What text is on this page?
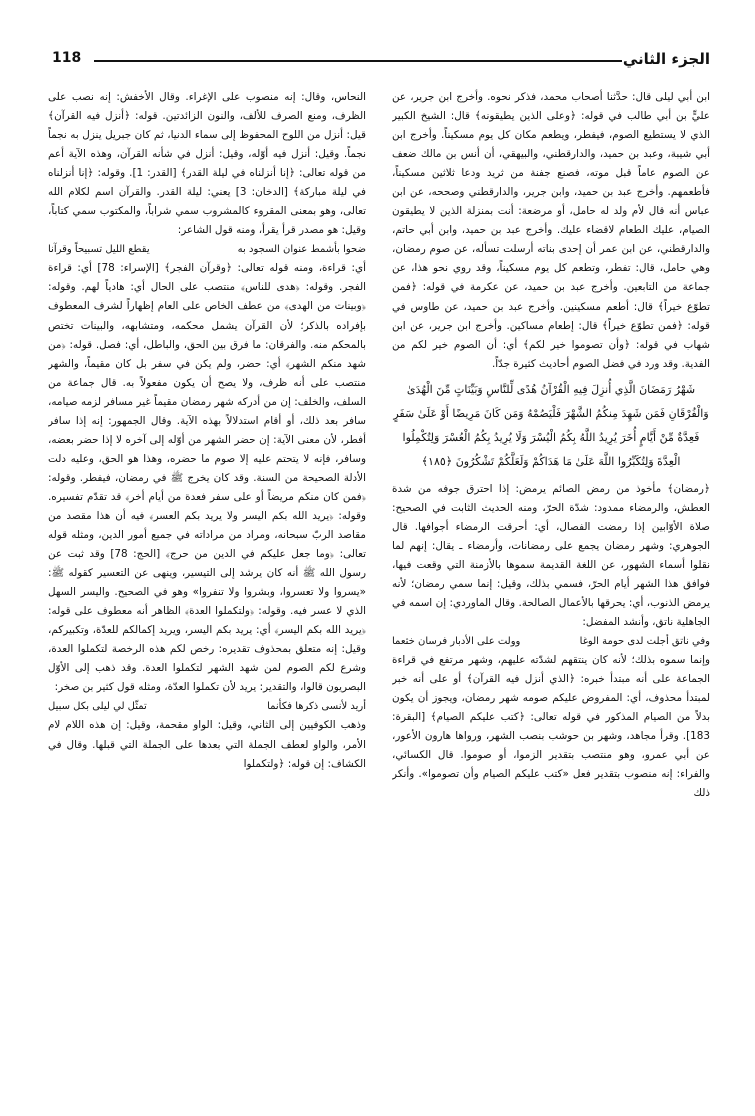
الجزء الثاني
118

ابن أبي ليلى قال: حدَّثنا أصحاب محمد، فذكر نحوه. وأخرج ابن جرير، عن عليٍّ بن أبي طالب في قوله: ﴿وعلى الذين يطيقونه﴾ قال: الشيخ الكبير الذي لا يستطيع الصوم، فيفطر، ويطعم مكان كل يوم مسكيناً. وأخرج ابن أبي شيبة، وعبد بن حميد، والدارقطني، والبيهقي، أن أنس بن مالك ضعف عن الصوم عاماً قبل موته، فصنع جفنة من ثريد ودعا ثلاثين مسكيناً، فأطعمهم. وأخرج عبد بن حميد، وابن جرير، والدارقطني وصححه، عن ابن عباس أنه قال لأم ولد له حامل، أو مرضعة: أنت بمنزلة الذين لا يطيقون الصيام، عليك الطعام لاقضاء عليك. وأخرج عبد بن حميد، وابن أبي حاتم، والدارقطني، عن ابن عمر أن إحدى بناته أرسلت تسأله، عن صوم رمضان، وهي حامل، قال: تفطر، وتطعم كل يوم مسكيناً، وقد روي نحو هذا، عن جماعة من التابعين. وأخرج عبد بن حميد، عن عكرمة في قوله: ﴿فمن تطوّع خيراً﴾ قال: أطعم مسكينين. وأخرج عبد بن حميد، عن طاوس في قوله: ﴿فمن تطوّع خيراً﴾ قال: إطعام مساكين. وأخرج ابن جرير، عن ابن شهاب في قوله: ﴿وأن تصوموا خير لكم﴾ أي: أن الصوم خير لكم من الفدية. وقد ورد في فضل الصوم أحاديث كثيرة جدّاً.

شَهْرُ رَمَضَانَ الَّذِي أُنزِلَ فِيهِ الْقُرْآنُ هُدًى لِّلنَّاسِ وَبَيِّنَاتٍ مِّنَ الْهُدَىٰ وَالْفُرْقَانِ فَمَن شَهِدَ مِنكُمُ الشَّهْرَ فَلْيَصُمْهُ وَمَن كَانَ مَرِيضًا أَوْ عَلَىٰ سَفَرٍ فَعِدَّةٌ مِّنْ أَيَّامٍ أُخَرَ يُرِيدُ اللَّهُ بِكُمُ الْيُسْرَ وَلَا يُرِيدُ بِكُمُ الْعُسْرَ وَلِتُكْمِلُوا الْعِدَّةَ وَلِتُكَبِّرُوا اللَّهَ عَلَىٰ مَا هَدَاكُمْ وَلَعَلَّكُمْ تَشْكُرُونَ ﴿١٨٥﴾

﴿رمضان﴾ مأخوذ من رمض الصائم يرمض: إذا احترق جوفه من شدة العطش، والرمضاء ممدود: شدّة الحرّ، ومنه الحديث الثابت في الصحيح: صلاة الأوّابين إذا رمضت الفصال، أي: أحرقت الرمضاء أجوافها. قال الجوهري: وشهر رمضان يجمع على رمضانات، وأرمضاء ـ يقال: إنهم لما نقلوا أسماء الشهور، عن اللغة القديمة سموها بالأزمنة التي وقعت فيها، فوافق هذا الشهر أيام الحرّ، فسمي بذلك، وقيل: إنما سمي رمضان؛ لأنه يرمض الذنوب، أي: يحرقها بالأعمال الصالحة. وقال الماوردي: إن اسمه في الجاهلية ناتق، وأنشد المفضل:

وفي ناتق أجلت لدى حومة الوغا
وولت على الأدبار فرسان خثعما

وإنما سموه بذلك؛ لأنه كان ينتقهم لشدّته عليهم، وشهر مرتفع في قراءة الجماعة على أنه مبتدأ خبره: ﴿الذي أنزل فيه القرآن﴾ أو على أنه خبر لمبتدأ محذوف، أي: المفروض عليكم صومه شهر رمضان، ويجوز أن يكون بدلاً من الصيام المذكور في قوله تعالى: ﴿كتب عليكم الصيام﴾ [البقرة: 183]. وقرأ مجاهد، وشهر بن حوشب بنصب الشهر، ورواها هارون الأعور، عن أبي عمرو، وهو منتصب بتقدير الزموا، أو صوموا. قال الكسائي، والفراء: إنه منصوب بتقدير فعل «كتب عليكم الصيام وأن تصوموا». وأنكر ذلك

النحاس، وقال: إنه منصوب على الإغراء. وقال الأخفش: إنه نصب على الظرف، ومنع الصرف للألف، والنون الزائدتين. قوله: ﴿أنزل فيه القرآن﴾ قيل: أنزل من اللوح المحفوظ إلى سماء الدنيا، ثم كان جبريل ينزل به نجماً نجماً. وقيل: أنزل فيه أوّله، وقيل: أنزل في شأنه القرآن، وهذه الآية أعم من قوله تعالى: ﴿إنا أنزلناه في ليلة القدر﴾ [القدر: 1]. وقوله: ﴿إنا أنزلناه في ليلة مباركة﴾ [الدخان: 3] يعني: ليلة القدر. والقرآن اسم لكلام الله تعالى، وهو بمعنى المقروء كالمشروب سمي شراباً، والمكتوب سمي كتاباً، وقيل: هو مصدر قرأ يقرأ، ومنه قول الشاعر:

ضحوا بأشمط عنوان السجود به
يقطع الليل تسبيحاً وقرآنا

أي: قراءة، ومنه قوله تعالى: ﴿وقرآن الفجر﴾ [الإسراء: 78] أي: قراءة الفجر. وقوله: ﴿هدى للناس﴾ منتصب على الحال أي: هادياً لهم. وقوله: ﴿وبينات من الهدى﴾ من عطف الخاص على العام إظهاراً لشرف المعطوف بإفراده بالذكر؛ لأن القرآن يشمل محكمه، ومتشابهه، والبينات تختص بالمحكم منه. والفرقان: ما فرق بين الحق، والباطل، أي: فصل. قوله: ﴿من شهد منكم الشهر﴾ أي: حضر، ولم يكن في سفر بل كان مقيماً، والشهر منتصب على أنه ظرف، ولا يصح أن يكون مفعولاً به. قال جماعة من السلف، والخلف: إن من أدركه شهر رمضان مقيماً غير مسافر لزمه صيامه، سافر بعد ذلك، أو أقام استدلالاً بهذه الآية. وقال الجمهور: إنه إذا سافر أفطر، لأن معنى الآية: إن حضر الشهر من أوّله إلى آخره لا إذا حضر بعضه، وسافر، فإنه لا يتحتم عليه إلا صوم ما حضره، وهذا هو الحق، وعليه دلت الأدلة الصحيحة من السنة. وقد كان يخرج ﷺ في رمضان، فيفطر. وقوله: ﴿فمن كان منكم مريضاً أو على سفر فعدة من أيام أخر﴾ قد تقدّم تفسيره. وقوله: ﴿يريد الله بكم اليسر ولا يريد بكم العسر﴾ فيه أن هذا مقصد من مقاصد الربّ سبحانه، ومراد من مراداته في جميع أمور الدين، ومثله قوله تعالى: ﴿وما جعل عليكم في الدين من حرج﴾ [الحج: 78] وقد ثبت عن رسول الله ﷺ أنه كان يرشد إلى التيسير، وينهى عن التعسير كقوله ﷺ: «يسروا ولا تعسروا، وبشروا ولا تنفروا» وهو في الصحيح. واليسر السهل الذي لا عسر فيه. وقوله: ﴿ولتكملوا العدة﴾ الظاهر أنه معطوف على قوله: ﴿يريد الله بكم اليسر﴾ أي: يريد بكم اليسر، ويريد إكمالكم للعدّة، وتكبيركم، وقيل: إنه متعلق بمحذوف تقديره: رخص لكم هذه الرخصة لتكملوا العدة، وشرع لكم الصوم لمن شهد الشهر لتكملوا العدة. وقد ذهب إلى الأوّل البصريون قالوا، والتقدير: يريد لأن تكملوا العدّة، ومثله قول كثير بن صخر:

أريد لأنسى ذكرها فكأنما
تمثّل لي ليلى بكل سبيل

وذهب الكوفيين إلى الثاني، وقيل: الواو مقحمة، وقيل: إن هذه اللام لام الأمر، والواو لعطف الجملة التي بعدها على الجملة التي قبلها. وقال في الكشاف: إن قوله: ﴿ولتكملوا
